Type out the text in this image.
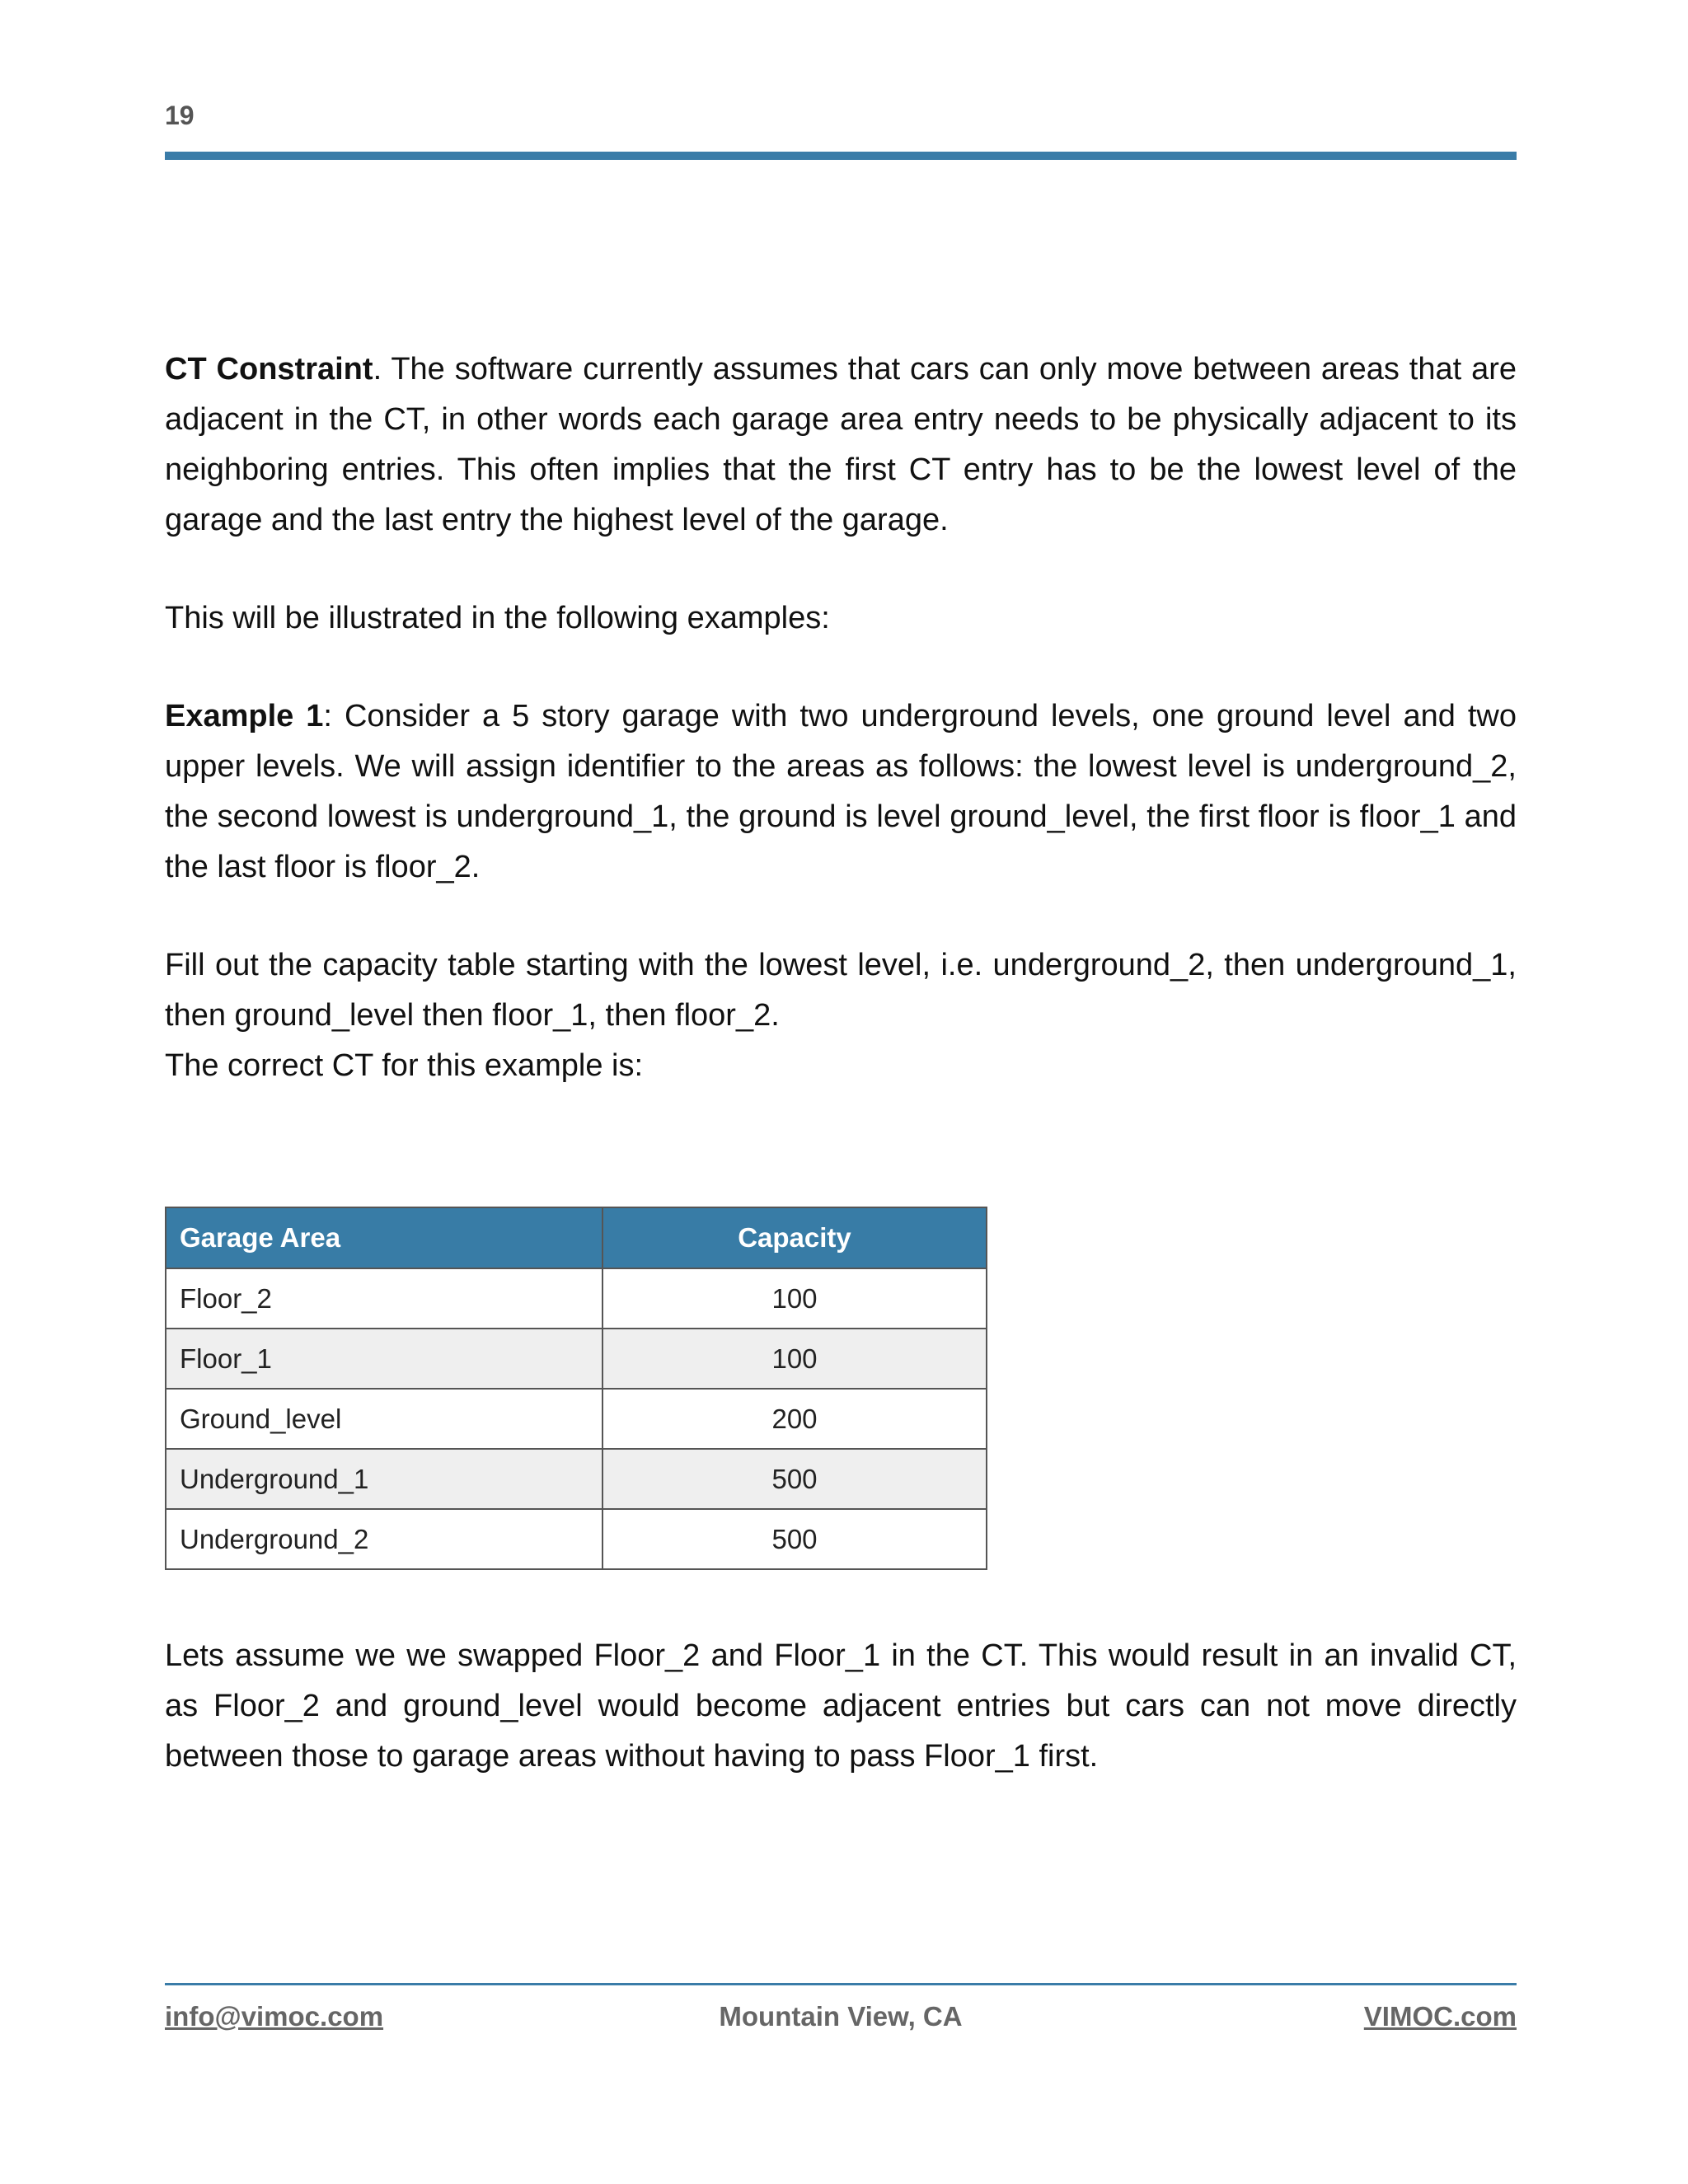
19

CT Constraint. The software currently assumes that cars can only move between areas that are adjacent in the CT, in other words each garage area entry needs to be physically adjacent to its neighboring entries. This often implies that the first CT entry has to be the lowest level of the garage and the last entry the highest level of the garage.

This will be illustrated in the following examples:

Example 1: Consider a 5 story garage with two underground levels, one ground level and two upper levels. We will assign identifier to the areas as follows: the lowest level is underground_2, the second lowest is underground_1, the ground is level ground_level, the first floor is floor_1 and the last floor is floor_2.

Fill out the capacity table starting with the lowest level, i.e. underground_2, then underground_1, then ground_level then floor_1, then floor_2.

The correct CT for this example is:

Garage Area	Capacity
Floor_2	100
Floor_1	100
Ground_level	200
Underground_1	500
Underground_2	500

Lets assume we we swapped Floor_2 and Floor_1 in the CT. This would result in an invalid CT, as Floor_2 and ground_level would become adjacent entries but cars can not move directly between those to garage areas without having to pass Floor_1 first.

info@vimoc.com	Mountain View, CA	VIMOC.com
